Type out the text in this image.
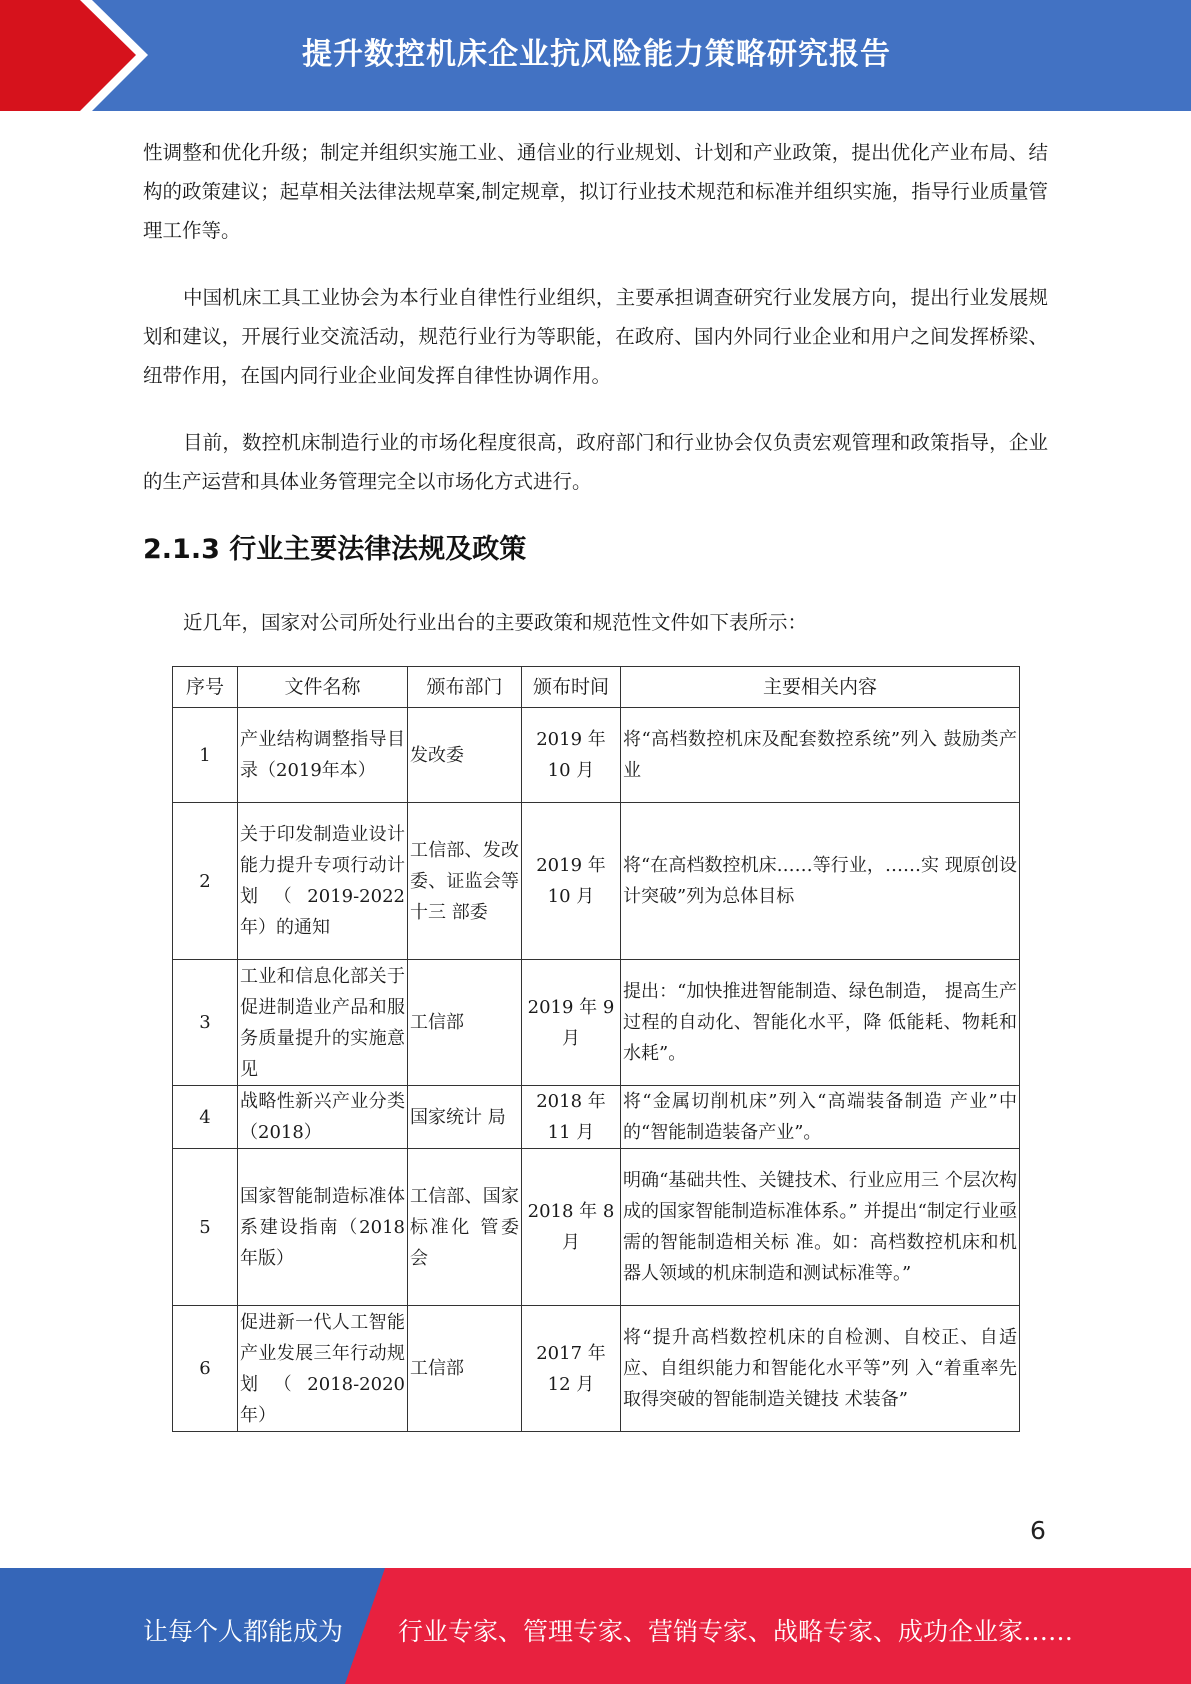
提升数控机床企业抗风险能力策略研究报告

性调整和优化升级；制定并组织实施工业、通信业的行业规划、计划和产业政策，提出优化产业布局、结构的政策建议；起草相关法律法规草案,制定规章，拟订行业技术规范和标准并组织实施，指导行业质量管理工作等。

中国机床工具工业协会为本行业自律性行业组织，主要承担调查研究行业发展方向，提出行业发展规划和建议，开展行业交流活动，规范行业行为等职能，在政府、国内外同行业企业和用户之间发挥桥梁、纽带作用，在国内同行业企业间发挥自律性协调作用。

目前，数控机床制造行业的市场化程度很高，政府部门和行业协会仅负责宏观管理和政策指导，企业的生产运营和具体业务管理完全以市场化方式进行。

2.1.3 行业主要法律法规及政策
近几年，国家对公司所处行业出台的主要政策和规范性文件如下表所示：
序号	文件名称	颁布部门	颁布时间	主要相关内容
1	产业结构调整指导目录（2019年本）	发改委	2019 年 10 月	将“高档数控机床及配套数控系统”列入 鼓励类产业
2	关于印发制造业设计能力提升专项行动计划（2019-2022 年）的通知	工信部、发改委、证监会等十三 部委	2019 年 10 月	将“在高档数控机床……等行业，……实 现原创设计突破”列为总体目标
3	工业和信息化部关于促进制造业产品和服务质量提升的实施意见	工信部	2019 年 9 月	提出：“加快推进智能制造、绿色制造， 提高生产过程的自动化、智能化水平，降 低能耗、物耗和水耗”。
4	战略性新兴产业分类（2018）	国家统计 局	2018 年 11 月	将“金属切削机床”列入“高端装备制造 产业”中的“智能制造装备产业”。
5	国家智能制造标准体系建设指南（2018 年版）	工信部、国家标准化 管委会	2018 年 8 月	明确“基础共性、关键技术、行业应用三 个层次构成的国家智能制造标准体系。” 并提出“制定行业亟需的智能制造相关标 准。如：高档数控机床和机器人领域的机床制造和测试标准等。”
6	促进新一代人工智能产业发展三年行动规划（2018-2020 年）	工信部	2017 年 12 月	将“提升高档数控机床的自检测、自校正、自适应、自组织能力和智能化水平等”列 入“着重率先取得突破的智能制造关键技 术装备”
6
让每个人都能成为 行业专家、管理专家、营销专家、战略专家、成功企业家……
